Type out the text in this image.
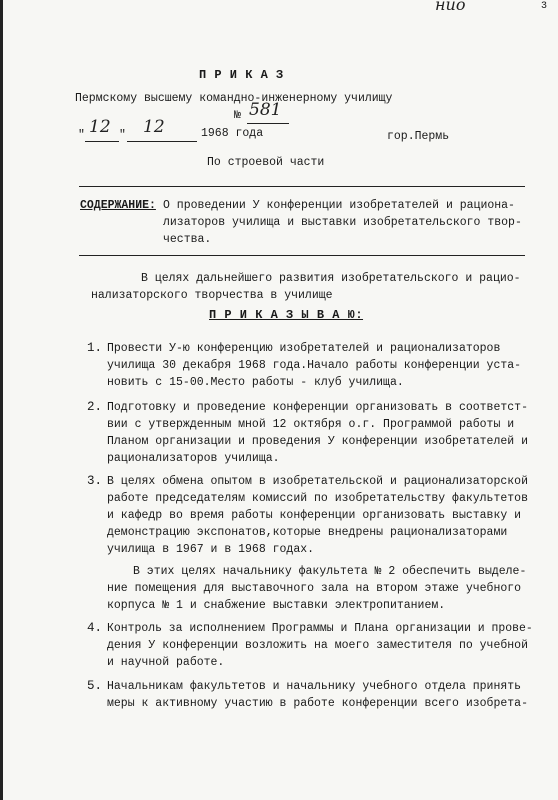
нио	3
П Р И К А З
Пермскому высшему командно-инженерному училищу
№ 581
" 12 " 12	1968 года	гор.Пермь
По строевой части
СОДЕРЖАНИЕ: О проведении У конференции изобретателей и рациона-
лизаторов училища и выставки изобретательского твор-
чества.
В целях дальнейшего развития изобретательского и рацио-
нализаторского творчества в училище
П Р И К А З Ы В А Ю:
1. Провести У-ю конференцию изобретателей и рационализаторов
училища 30 декабря 1968 года.Начало работы конференции уста-
новить с 15-00.Место работы - клуб училища.
2. Подготовку и проведение конференции организовать в соответст-
вии с утвержденным мной 12 октября о.г. Программой работы и
Планом организации и проведения У конференции изобретателей и
рационализаторов училища.
3. В целях обмена опытом в изобретательской и рационализаторской
работе председателям комиссий по изобретательству факультетов
и кафедр во время работы конференции организовать выставку и
демонстрацию экспонатов,которые внедрены рационализаторами
училища в 1967 и в 1968 годах.
В этих целях начальнику факультета № 2 обеспечить выделе-
ние помещения для выставочного зала на втором этаже учебного
корпуса № 1 и снабжение выставки электропитанием.
4. Контроль за исполнением Программы и Плана организации и прове-
дения У конференции возложить на моего заместителя по учебной
и научной работе.
5. Начальникам факультетов и начальнику учебного отдела принять
меры к активному участию в работе конференции всего изобрета-
